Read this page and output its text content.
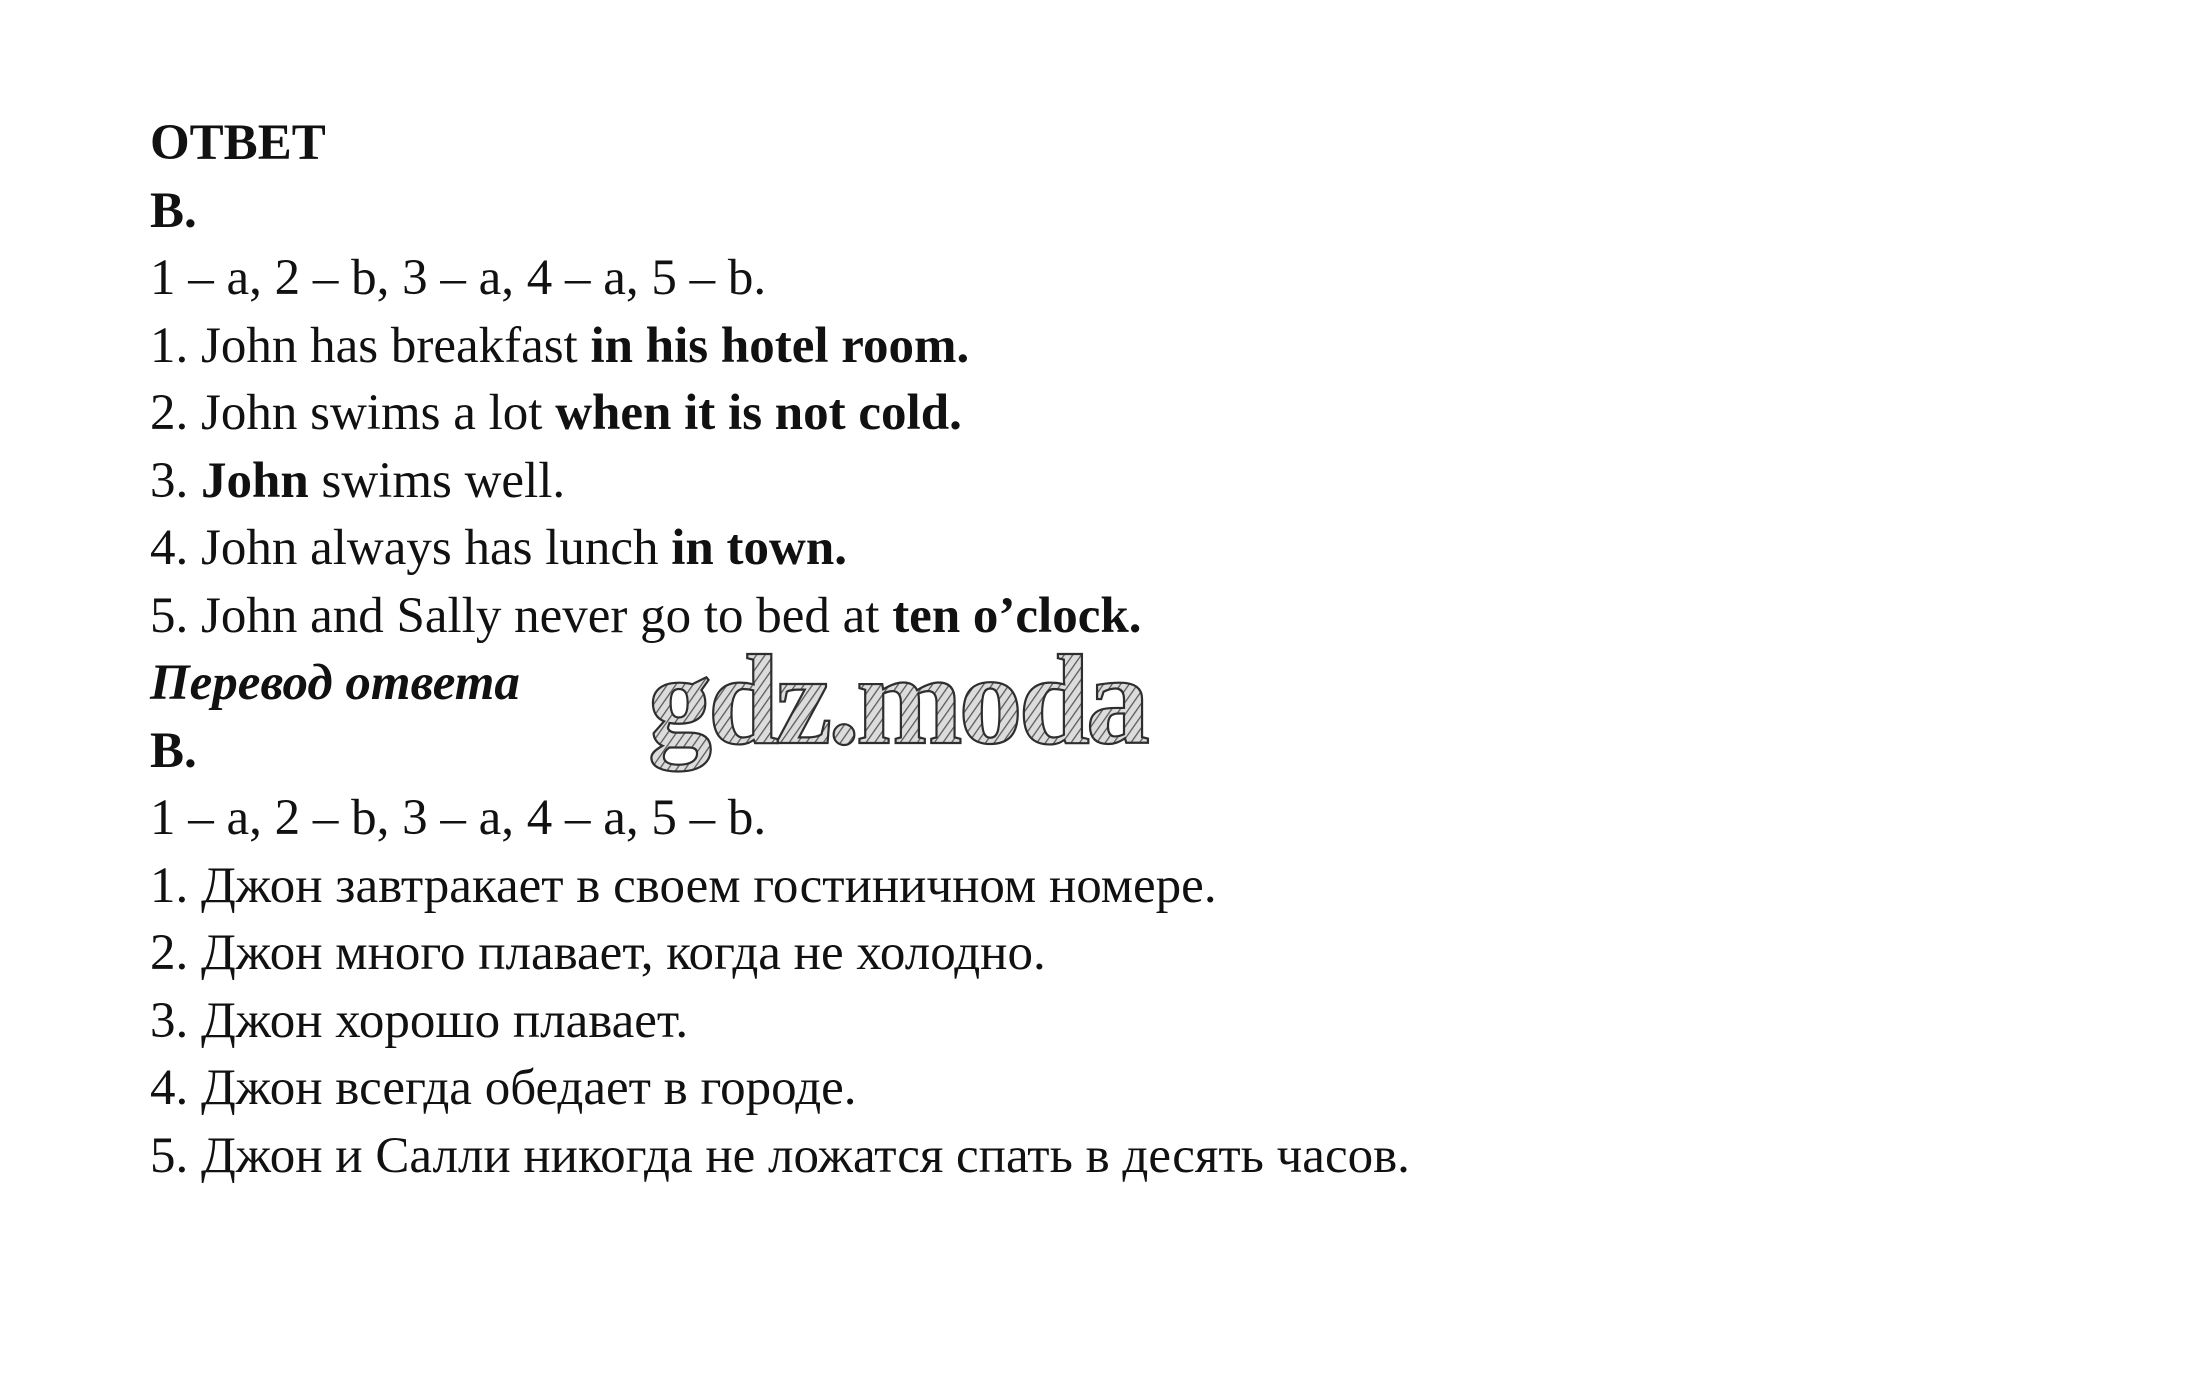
ОТВЕТ
B.
1 – a, 2 – b, 3 – a, 4 – a, 5 – b.
1. John has breakfast in his hotel room.
2. John swims a lot when it is not cold.
3. John swims well.
4. John always has lunch in town.
5. John and Sally never go to bed at ten o’clock.
Перевод ответа
B.
1 – a, 2 – b, 3 – a, 4 – a, 5 – b.
1. Джон завтракает в своем гостиничном номере.
2. Джон много плавает, когда не холодно.
3. Джон хорошо плавает.
4. Джон всегда обедает в городе.
5. Джон и Салли никогда не ложатся спать в десять часов.
gdz.moda
